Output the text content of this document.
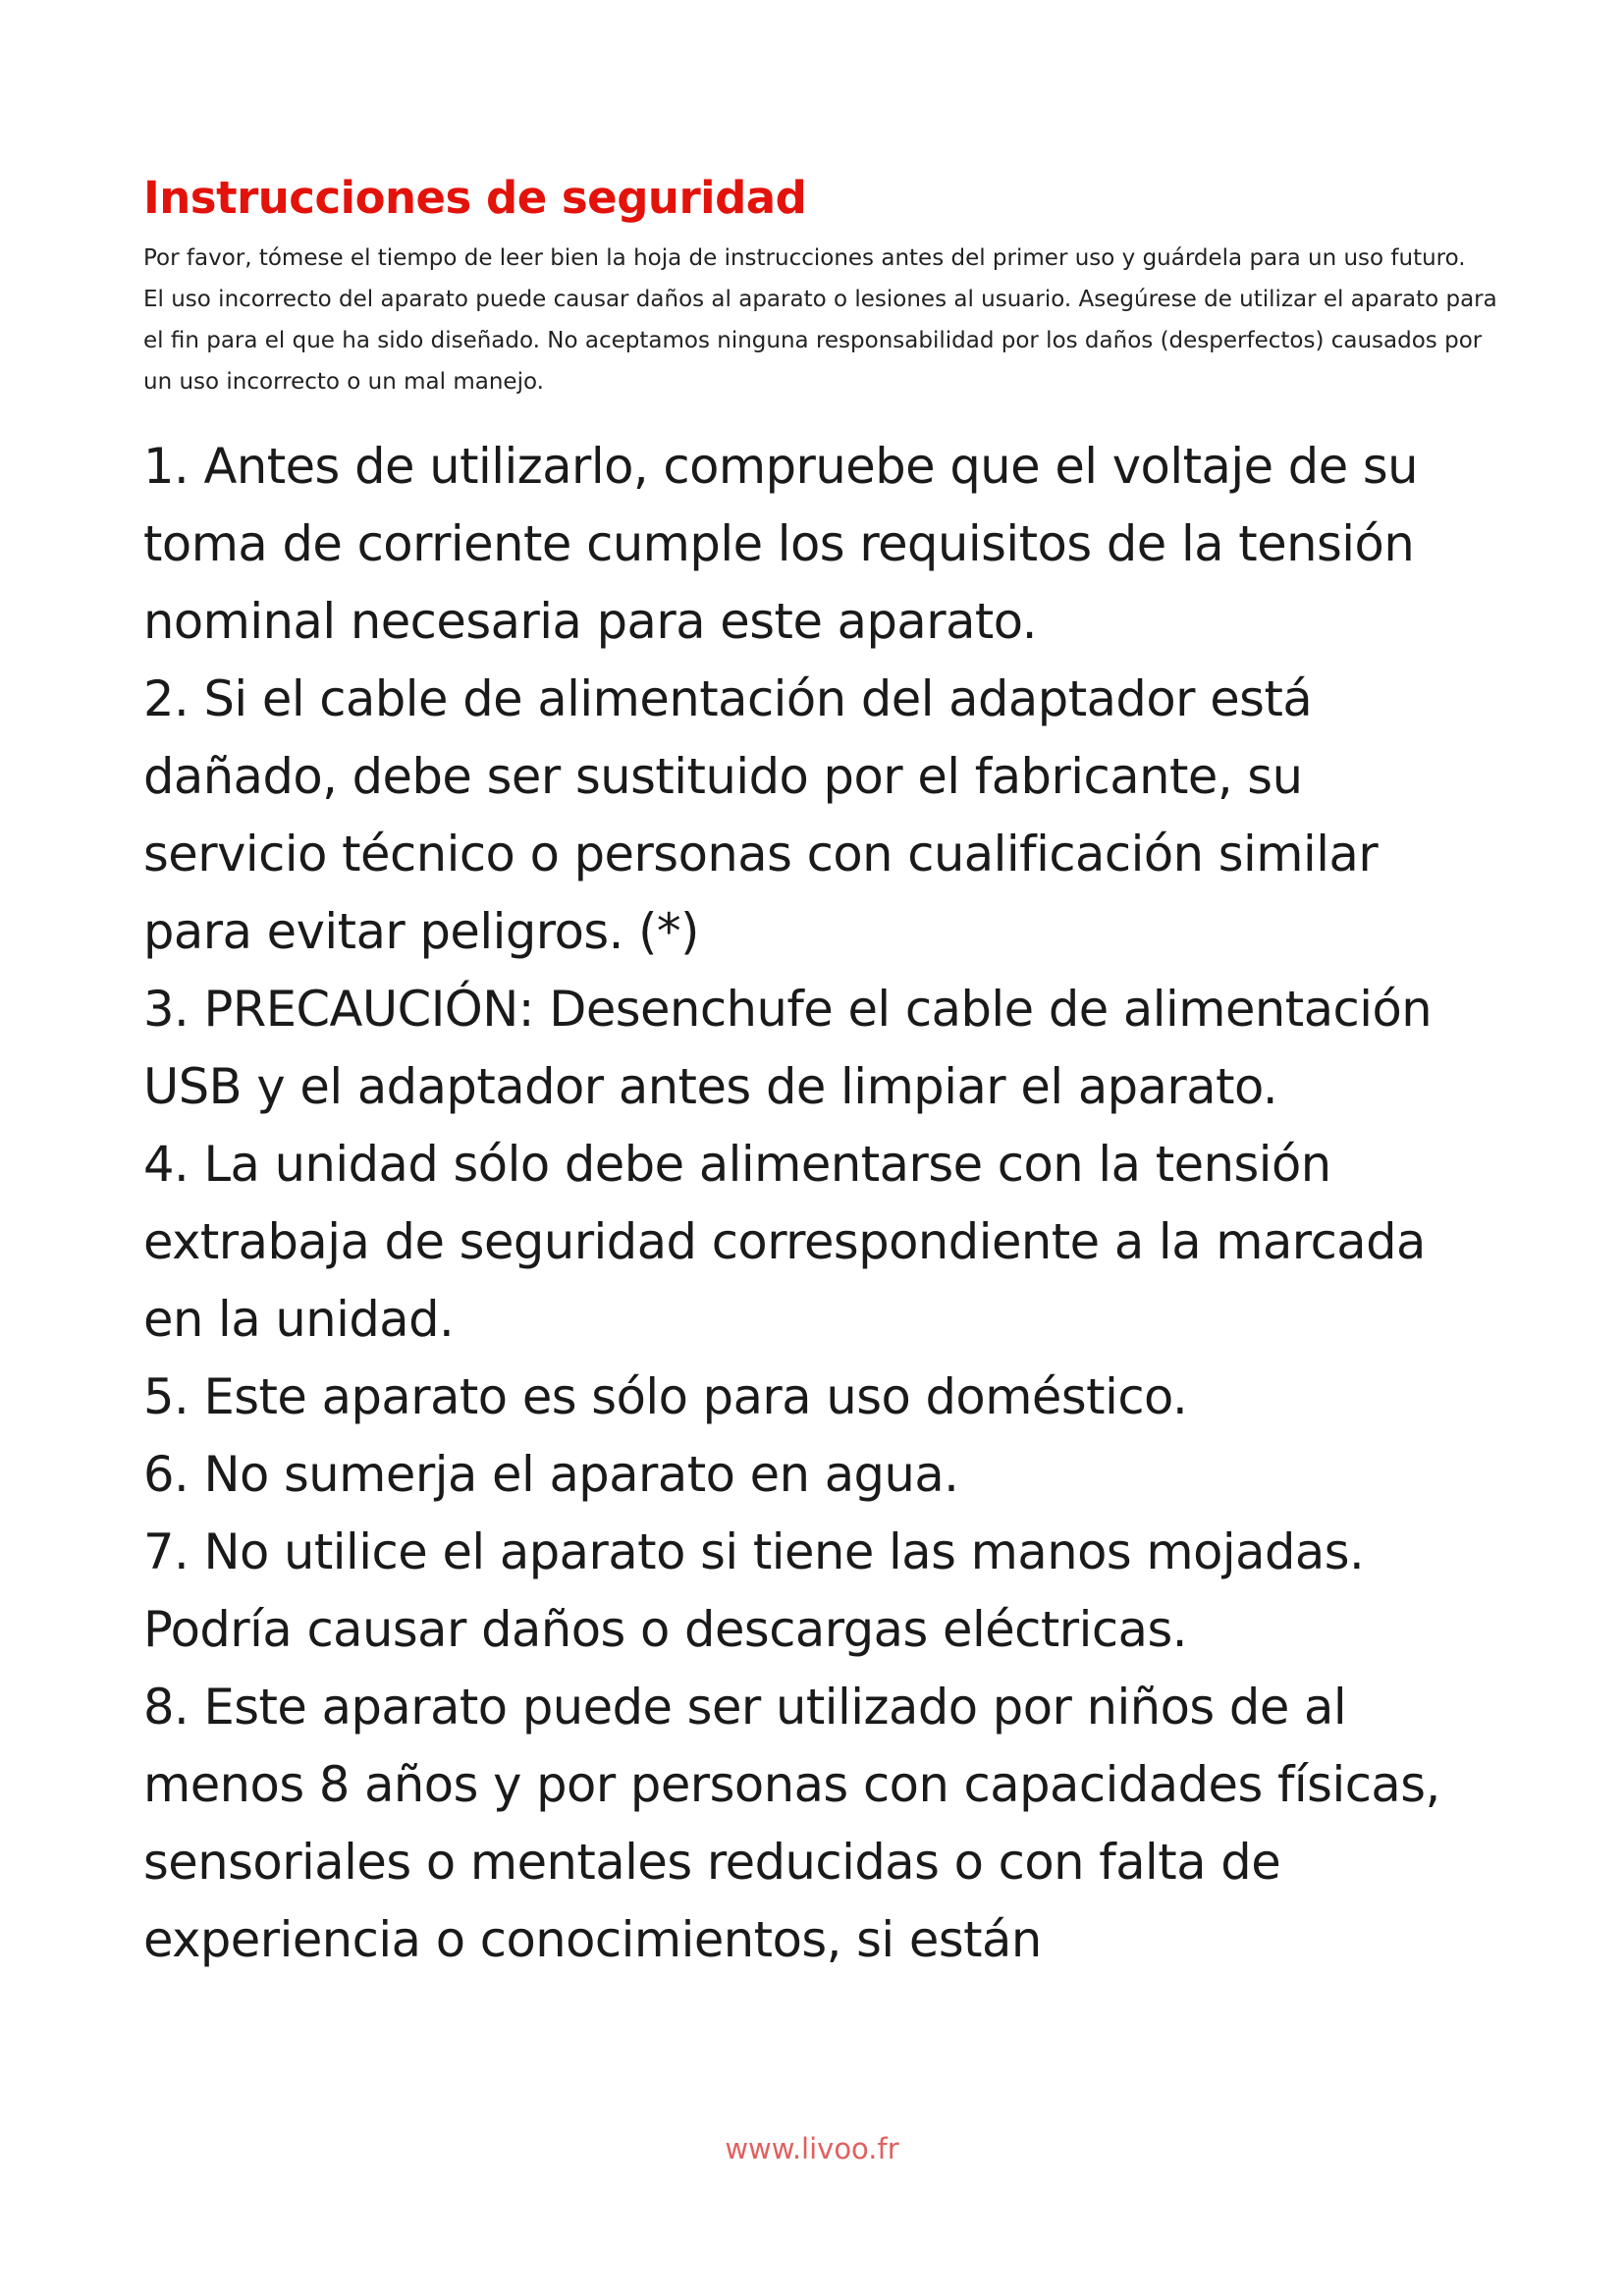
Instrucciones de seguridad

Por favor, tómese el tiempo de leer bien la hoja de instrucciones antes del primer uso y guárdela para un uso futuro.

El uso incorrecto del aparato puede causar daños al aparato o lesiones al usuario. Asegúrese de utilizar el aparato para el fin para el que ha sido diseñado. No aceptamos ninguna responsabilidad por los daños (desperfectos) causados por un uso incorrecto o un mal manejo.

1. Antes de utilizarlo, compruebe que el voltaje de su toma de corriente cumple los requisitos de la tensión nominal necesaria para este aparato.

2. Si el cable de alimentación del adaptador está dañado, debe ser sustituido por el fabricante, su servicio técnico o personas con cualificación similar para evitar peligros. (*)

3. PRECAUCIÓN: Desenchufe el cable de alimentación USB y el adaptador antes de limpiar el aparato.

4. La unidad sólo debe alimentarse con la tensión extrabaja de seguridad correspondiente a la marcada en la unidad.

5. Este aparato es sólo para uso doméstico.

6. No sumerja el aparato en agua.

7. No utilice el aparato si tiene las manos mojadas. Podría causar daños o descargas eléctricas.

8. Este aparato puede ser utilizado por niños de al menos 8 años y por personas con capacidades físicas, sensoriales o mentales reducidas o con falta de experiencia o conocimientos, si están

www.livoo.fr
